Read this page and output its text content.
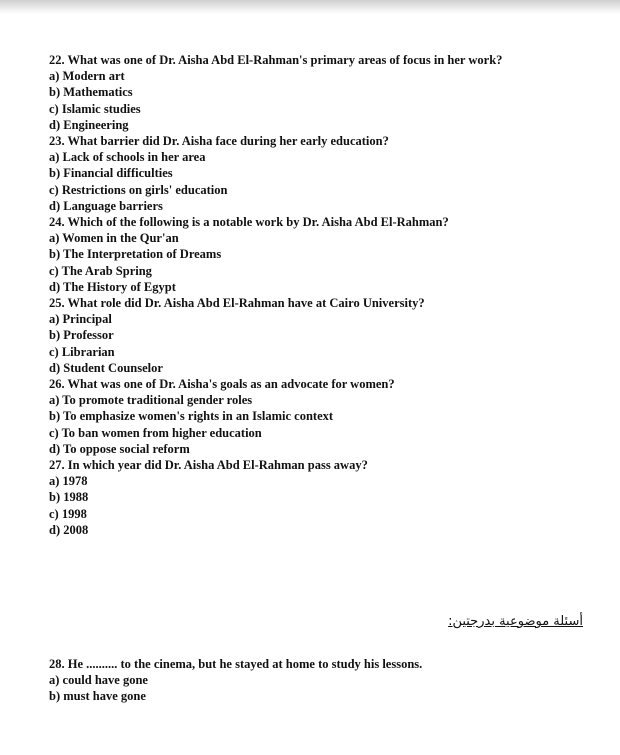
22. What was one of Dr. Aisha Abd El-Rahman's primary areas of focus in her work?
a) Modern art
b) Mathematics
c) Islamic studies
d) Engineering
23. What barrier did Dr. Aisha face during her early education?
a) Lack of schools in her area
b) Financial difficulties
c) Restrictions on girls' education
d) Language barriers
24. Which of the following is a notable work by Dr. Aisha Abd El-Rahman?
a) Women in the Qur'an
b) The Interpretation of Dreams
c) The Arab Spring
d) The History of Egypt
25. What role did Dr. Aisha Abd El-Rahman have at Cairo University?
a) Principal
b) Professor
c) Librarian
d) Student Counselor
26. What was one of Dr. Aisha's goals as an advocate for women?
a) To promote traditional gender roles
b) To emphasize women's rights in an Islamic context
c) To ban women from higher education
d) To oppose social reform
27. In which year did Dr. Aisha Abd El-Rahman pass away?
a) 1978
b) 1988
c) 1998
d) 2008
أسئلة موضوعية بدرجتين:
28. He .......... to the cinema, but he stayed at home to study his lessons.
a) could have gone
b) must have gone
